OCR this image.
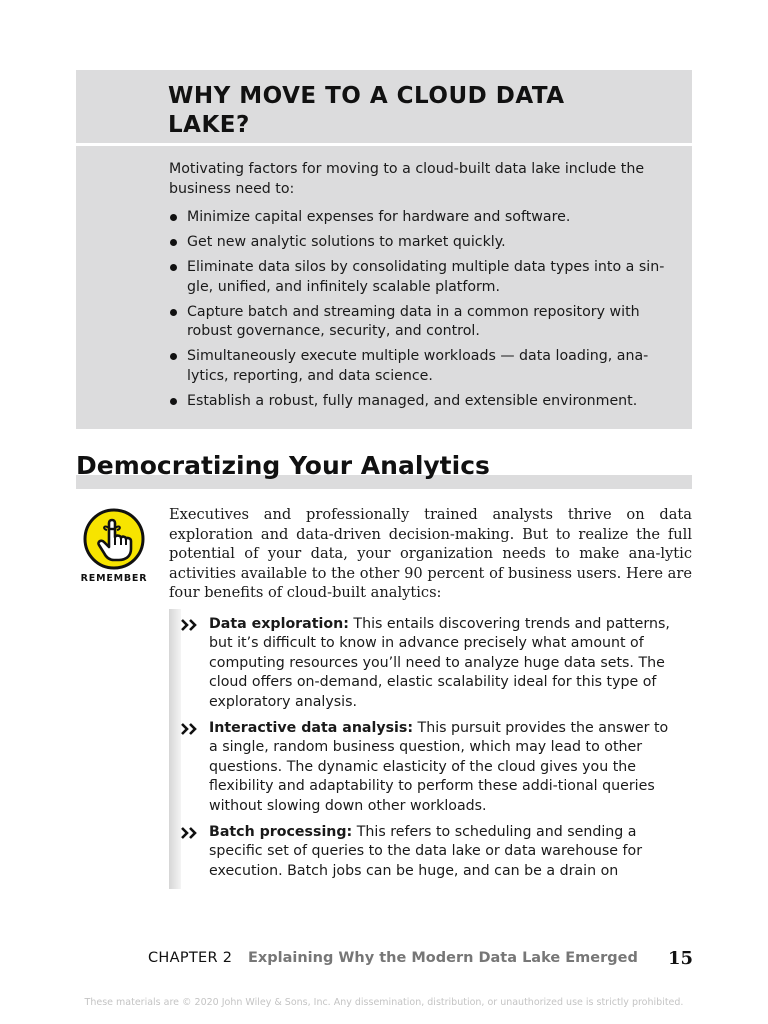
WHY MOVE TO A CLOUD DATA LAKE?
Motivating factors for moving to a cloud-built data lake include the business need to:
Minimize capital expenses for hardware and software.
Get new analytic solutions to market quickly.
Eliminate data silos by consolidating multiple data types into a sin-gle, unified, and infinitely scalable platform.
Capture batch and streaming data in a common repository with robust governance, security, and control.
Simultaneously execute multiple workloads — data loading, ana-lytics, reporting, and data science.
Establish a robust, fully managed, and extensible environment.
Democratizing Your Analytics
REMEMBER

Executives and professionally trained analysts thrive on data exploration and data-driven decision-making. But to realize the full potential of your data, your organization needs to make ana-lytic activities available to the other 90 percent of business users. Here are four benefits of cloud-built analytics:

Data exploration: This entails discovering trends and patterns, but it’s difficult to know in advance precisely what amount of computing resources you’ll need to analyze huge data sets. The cloud offers on-demand, elastic scalability ideal for this type of exploratory analysis.
Interactive data analysis: This pursuit provides the answer to a single, random business question, which may lead to other questions. The dynamic elasticity of the cloud gives you the flexibility and adaptability to perform these addi-tional queries without slowing down other workloads.
Batch processing: This refers to scheduling and sending a specific set of queries to the data lake or data warehouse for execution. Batch jobs can be huge, and can be a drain on
CHAPTER 2 Explaining Why the Modern Data Lake Emerged 15
These materials are © 2020 John Wiley & Sons, Inc. Any dissemination, distribution, or unauthorized use is strictly prohibited.
